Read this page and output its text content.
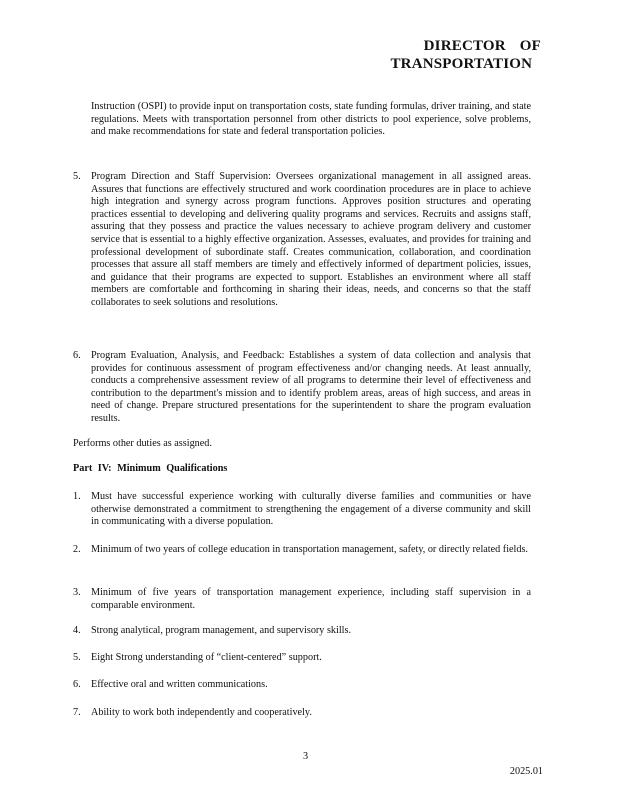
DIRECTOR OF
TRANSPORTATION
Instruction (OSPI) to provide input on transportation costs, state funding formulas, driver training, and state regulations. Meets with transportation personnel from other districts to pool experience, solve problems, and make recommendations for state and federal transportation policies.
5. Program Direction and Staff Supervision: Oversees organizational management in all assigned areas. Assures that functions are effectively structured and work coordination procedures are in place to achieve high integration and synergy across program functions. Approves position structures and operating practices essential to developing and delivering quality programs and services. Recruits and assigns staff, assuring that they possess and practice the values necessary to achieve program delivery and customer service that is essential to a highly effective organization. Assesses, evaluates, and provides for training and professional development of subordinate staff. Creates communication, collaboration, and coordination processes that assure all staff members are timely and effectively informed of department policies, issues, and guidance that their programs are expected to support. Establishes an environment where all staff members are comfortable and forthcoming in sharing their ideas, needs, and concerns so that the staff collaborates to seek solutions and resolutions.
6. Program Evaluation, Analysis, and Feedback: Establishes a system of data collection and analysis that provides for continuous assessment of program effectiveness and/or changing needs. At least annually, conducts a comprehensive assessment review of all programs to determine their level of effectiveness and contribution to the department's mission and to identify problem areas, areas of high success, and areas in need of change. Prepare structured presentations for the superintendent to share the program evaluation results.
Performs other duties as assigned.
Part IV: Minimum Qualifications
1. Must have successful experience working with culturally diverse families and communities or have otherwise demonstrated a commitment to strengthening the engagement of a diverse community and skill in communicating with a diverse population.
2. Minimum of two years of college education in transportation management, safety, or directly related fields.
3. Minimum of five years of transportation management experience, including staff supervision in a comparable environment.
4. Strong analytical, program management, and supervisory skills.
5. Eight Strong understanding of “client-centered” support.
6. Effective oral and written communications.
7. Ability to work both independently and cooperatively.
3
2025.01
